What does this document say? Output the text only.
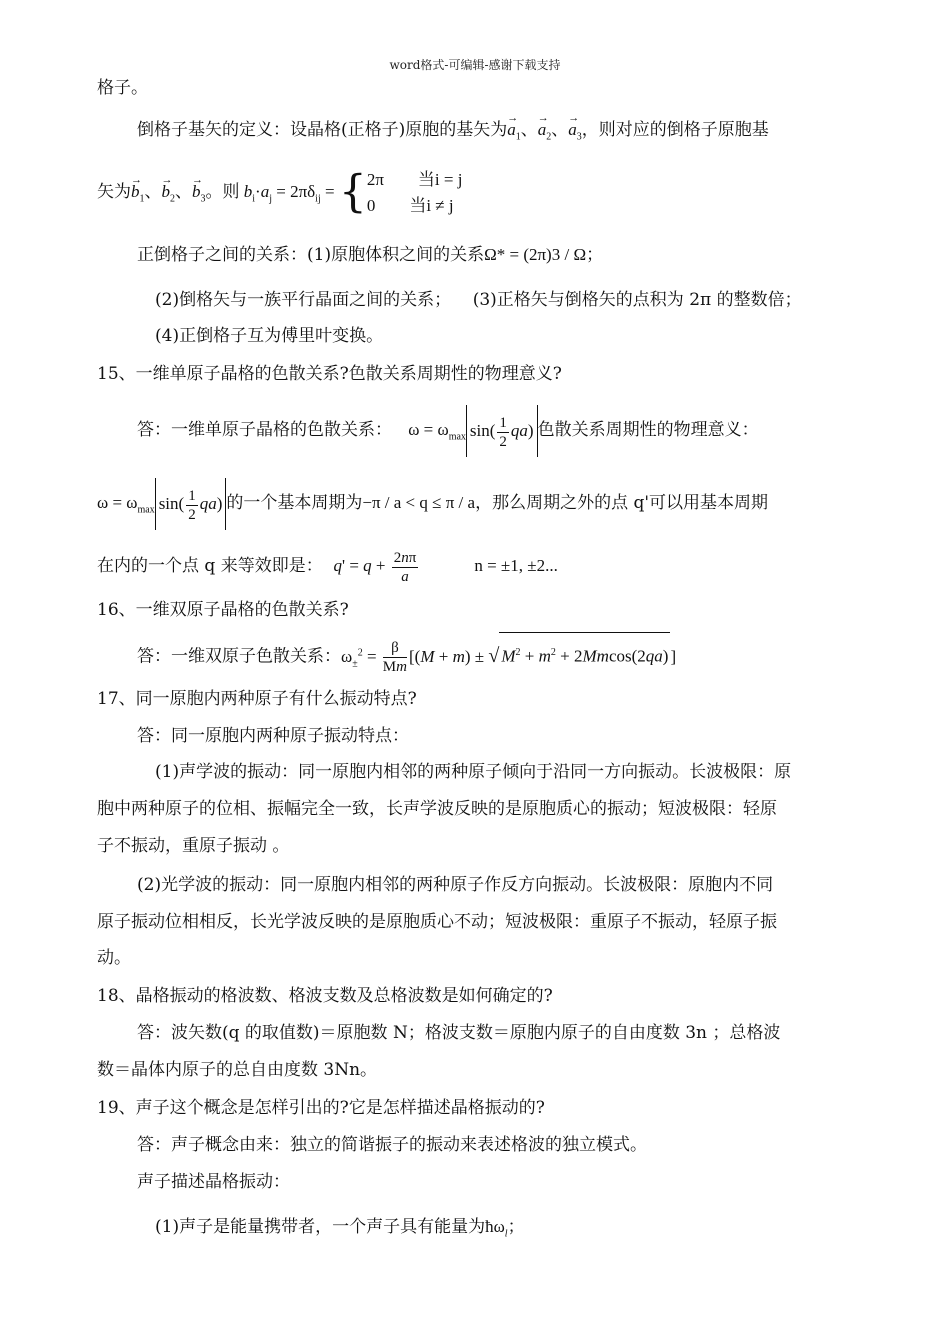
word格式-可编辑-感谢下载支持
格子。
倒格子基矢的定义：设晶格(正格子)原胞的基矢为→ $a_1$、→ $a_2$、→ $a_3$，则对应的倒格子原胞基
矢为→ $b_1$、→ $b_2$、→ $b_3$。则 $b_i\cdot a_j = 2\pi\delta_{ij}$ = { 2π　　当i = j
0　　当i ≠ j
正倒格子之间的关系：(1)原胞体积之间的关系Ω* = (2π)3 / Ω；
(2)倒格矢与一族平行晶面之间的关系； (3)正格矢与倒格矢的点积为 2π 的整数倍；
(4)正倒格子互为傅里叶变换。
15、一维单原子晶格的色散关系?色散关系周期性的物理意义?
答：一维单原子晶格的色散关系： $\omega = \omega_{max}$ $\sin( \frac{1}{2} qa)$ 色散关系周期性的物理意义：
$\omega = \omega_{max}$ $\sin( \frac{1}{2} qa)$ 的一个基本周期为−π / a < q ≤ π / a，那么周期之外的点 q'可以用基本周期
在内的一个点 q 来等效即是： $q' = q + \frac{2n\pi}{a}$	n = ±1, ±2...
16、一维双原子晶格的色散关系?
答：一维双原子色散关系：$\omega_\pm^2 = \frac{\beta}{Mm} [(M + m)$ ± √ $M^2 + m^2 + 2Mmcos(2qa)$ ]
17、同一原胞内两种原子有什么振动特点?
答：同一原胞内两种原子振动特点：
(1)声学波的振动：同一原胞内相邻的两种原子倾向于沿同一方向振动。长波极限：原
胞中两种原子的位相、振幅完全一致，长声学波反映的是原胞质心的振动；短波极限：轻原
子不振动，重原子振动 。
(2)光学波的振动：同一原胞内相邻的两种原子作反方向振动。长波极限：原胞内不同
原子振动位相相反，长光学波反映的是原胞质心不动；短波极限：重原子不振动，轻原子振
动。
18、晶格振动的格波数、格波支数及总格波数是如何确定的?
答：波矢数(q 的取值数)＝原胞数 N；格波支数＝原胞内原子的自由度数 3n ；总格波
数＝晶体内原子的总自由度数 3Nn。
19、声子这个概念是怎样引出的?它是怎样描述晶格振动的?
答：声子概念由来：独立的简谐振子的振动来表述格波的独立模式。
声子描述晶格振动：
(1)声子是能量携带者，一个声子具有能量为$ħ\omega_l$；
